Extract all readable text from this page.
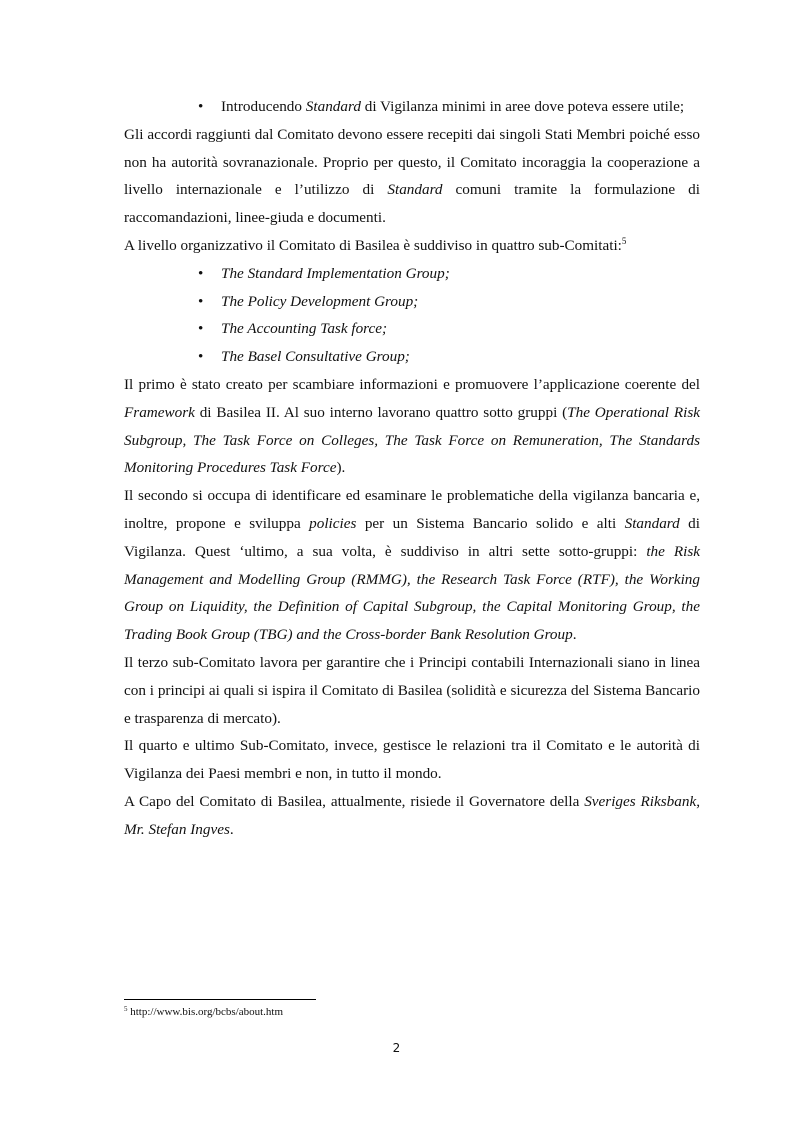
• Introducendo Standard di Vigilanza minimi in aree dove poteva essere utile;

Gli accordi raggiunti dal Comitato devono essere recepiti dai singoli Stati Membri poiché esso non ha autorità sovranazionale. Proprio per questo, il Comitato incoraggia la cooperazione a livello internazionale e l’utilizzo di Standard comuni tramite la formulazione di raccomandazioni, linee-giuda e documenti.

A livello organizzativo il Comitato di Basilea è suddiviso in quattro sub-Comitati:$^5$

• The Standard Implementation Group;
• The Policy Development Group;
• The Accounting Task force;
• The Basel Consultative Group;

Il primo è stato creato per scambiare informazioni e promuovere l’applicazione coerente del Framework di Basilea II. Al suo interno lavorano quattro sotto gruppi (The Operational Risk Subgroup, The Task Force on Colleges, The Task Force on Remuneration, The Standards Monitoring Procedures Task Force).

Il secondo si occupa di identificare ed esaminare le problematiche della vigilanza bancaria e, inoltre, propone e sviluppa policies per un Sistema Bancario solido e alti Standard di Vigilanza. Quest ‘ultimo, a sua volta, è suddiviso in altri sette sotto-gruppi: the Risk Management and Modelling Group (RMMG), the Research Task Force (RTF), the Working Group on Liquidity, the Definition of Capital Subgroup, the Capital Monitoring Group, the Trading Book Group (TBG) and the Cross-border Bank Resolution Group.

Il terzo sub-Comitato lavora per garantire che i Principi contabili Internazionali siano in linea con i principi ai quali si ispira il Comitato di Basilea (solidità e sicurezza del Sistema Bancario e trasparenza di mercato).

Il quarto e ultimo Sub-Comitato, invece, gestisce le relazioni tra il Comitato e le autorità di Vigilanza dei Paesi membri e non, in tutto il mondo.

A Capo del Comitato di Basilea, attualmente, risiede il Governatore della Sveriges Riksbank, Mr. Stefan Ingves.

$^5$ http://www.bis.org/bcbs/about.htm
2
